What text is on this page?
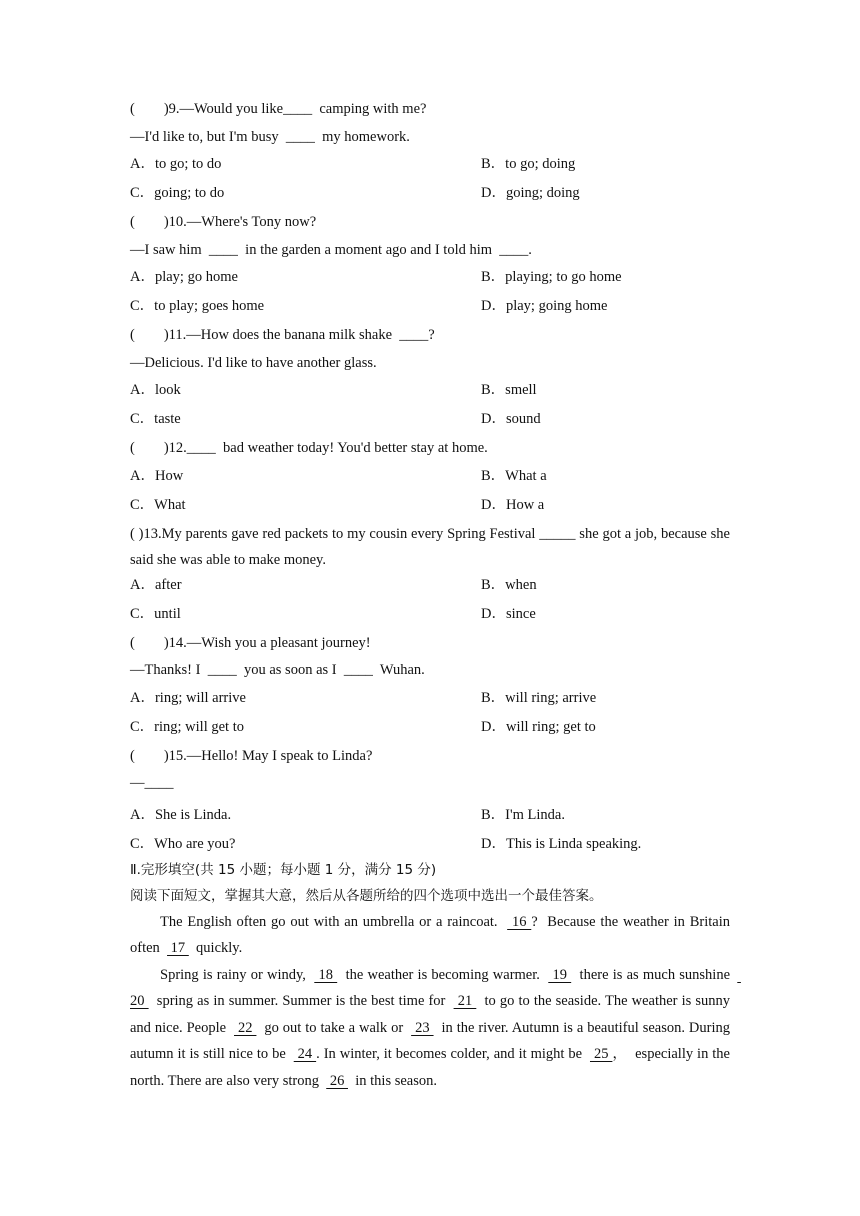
(        )9.—Would you like____  camping with me?
—I'd like to, but I'm busy  ____  my homework.
A．to go; to do	B．to go; doing
C．going; to do	D．going; doing
(        )10.—Where's Tony now?
—I saw him  ____  in the garden a moment ago and I told him  ____.
A．play; go home	B．playing; to go home
C．to play; goes home	D．play; going home
(        )11.—How does the banana milk shake  ____?
—Delicious. I'd like to have another glass.
A．look	B．smell
C．taste	D．sound
(        )12.____  bad weather today! You'd better stay at home.
A．How	B．What a
C．What	D．How a
( )13.My parents gave red packets to my cousin every Spring Festival _____ she got a job, because she said she was able to make money.
A．after	B．when
C．until	D．since
(        )14.—Wish you a pleasant journey!
—Thanks! I  ____  you as soon as I  ____  Wuhan.
A．ring; will arrive	B．will ring; arrive
C．ring; will get to	D．will ring; get to
(        )15.—Hello! May I speak to Linda?
—____
A．She is Linda.	B．I'm Linda.
C．Who are you?	D．This is Linda speaking.
Ⅱ.完形填空(共 15 小题；每小题 1 分，满分 15 分)
阅读下面短文，掌握其大意，然后从各题所给的四个选项中选出一个最佳答案。
The English often go out with an umbrella or a raincoat.   16 ?  Because the weather in Britain often   17   quickly.
Spring is rainy or windy,   18   the weather is becoming warmer.   19   there is as much sunshine   20   spring as in summer. Summer is the best time for   21   to go to the seaside. The weather is sunny and nice. People   22   go out to take a walk or   23   in the river. Autumn is a beautiful season. During autumn it is still nice to be   24 . In winter, it becomes colder, and it might be   25 ，  especially in the north. There are also very strong   26   in this season.
